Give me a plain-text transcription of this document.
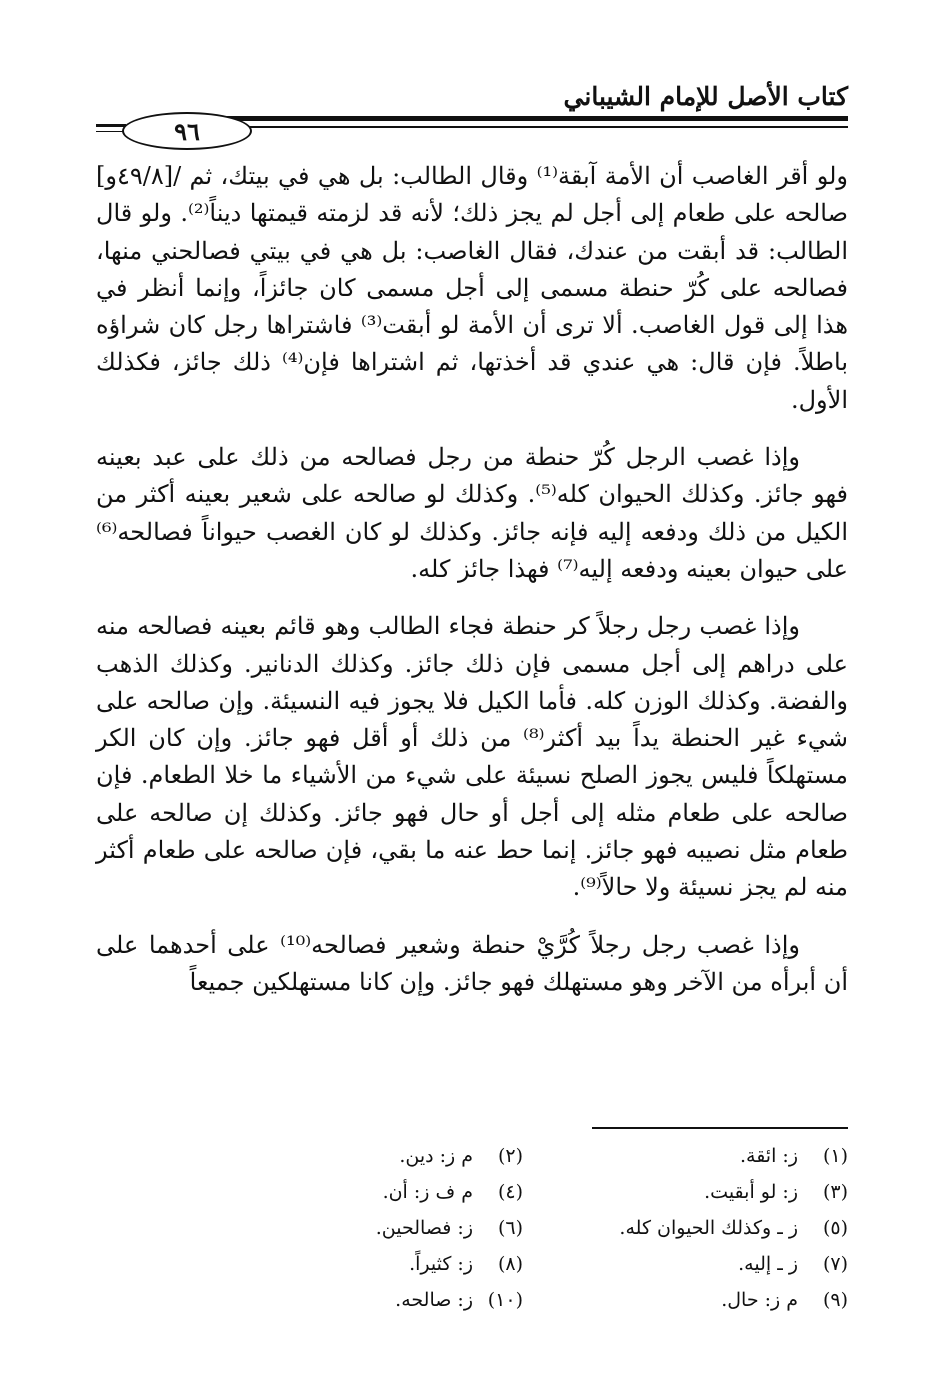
كتاب الأصل للإمام الشيباني
٩٦

ولو أقر الغاصب أن الأمة آبقة⁽¹⁾ وقال الطالب: بل هي في بيتك، ثم /[٤٩/٨و] صالحه على طعام إلى أجل لم يجز ذلك؛ لأنه قد لزمته قيمتها ديناً⁽²⁾. ولو قال الطالب: قد أبقت من عندك، فقال الغاصب: بل هي في بيتي فصالحني منها، فصالحه على كُرّ حنطة مسمى إلى أجل مسمى كان جائزاً، وإنما أنظر في هذا إلى قول الغاصب. ألا ترى أن الأمة لو أبقت⁽³⁾ فاشتراها رجل كان شراؤه باطلاً. فإن قال: هي عندي قد أخذتها، ثم اشتراها فإن⁽⁴⁾ ذلك جائز، فكذلك الأول.

وإذا غصب الرجل كُرّ حنطة من رجل فصالحه من ذلك على عبد بعينه فهو جائز. وكذلك الحيوان كله⁽⁵⁾. وكذلك لو صالحه على شعير بعينه أكثر من الكيل من ذلك ودفعه إليه فإنه جائز. وكذلك لو كان الغصب حيواناً فصالحه⁽⁶⁾ على حيوان بعينه ودفعه إليه⁽⁷⁾ فهذا جائز كله.

وإذا غصب رجل رجلاً كر حنطة فجاء الطالب وهو قائم بعينه فصالحه منه على دراهم إلى أجل مسمى فإن ذلك جائز. وكذلك الدنانير. وكذلك الذهب والفضة. وكذلك الوزن كله. فأما الكيل فلا يجوز فيه النسيئة. وإن صالحه على شيء غير الحنطة يداً بيد أكثر⁽⁸⁾ من ذلك أو أقل فهو جائز. وإن كان الكر مستهلكاً فليس يجوز الصلح نسيئة على شيء من الأشياء ما خلا الطعام. فإن صالحه على طعام مثله إلى أجل أو حال فهو جائز. وكذلك إن صالحه على طعام مثل نصيبه فهو جائز. إنما حط عنه ما بقي، فإن صالحه على طعام أكثر منه لم يجز نسيئة ولا حالاً⁽⁹⁾.

وإذا غصب رجل رجلاً كُرَّيْ حنطة وشعير فصالحه⁽¹⁰⁾ على أحدهما على أن أبرأه من الآخر وهو مستهلك فهو جائز. وإن كانا مستهلكين جميعاً

(١)
ز: ائقة.
(٢)
م ز: دين.
(٣)
ز: لو أبقيت.
(٤)
م ف ز: أن.
(٥)
ز ـ وكذلك الحيوان كله.
(٦)
ز: فصالحين.
(٧)
ز ـ إليه.
(٨)
ز: كثيراً.
(٩)
م ز: حال.
(١٠)
ز: صالحه.
